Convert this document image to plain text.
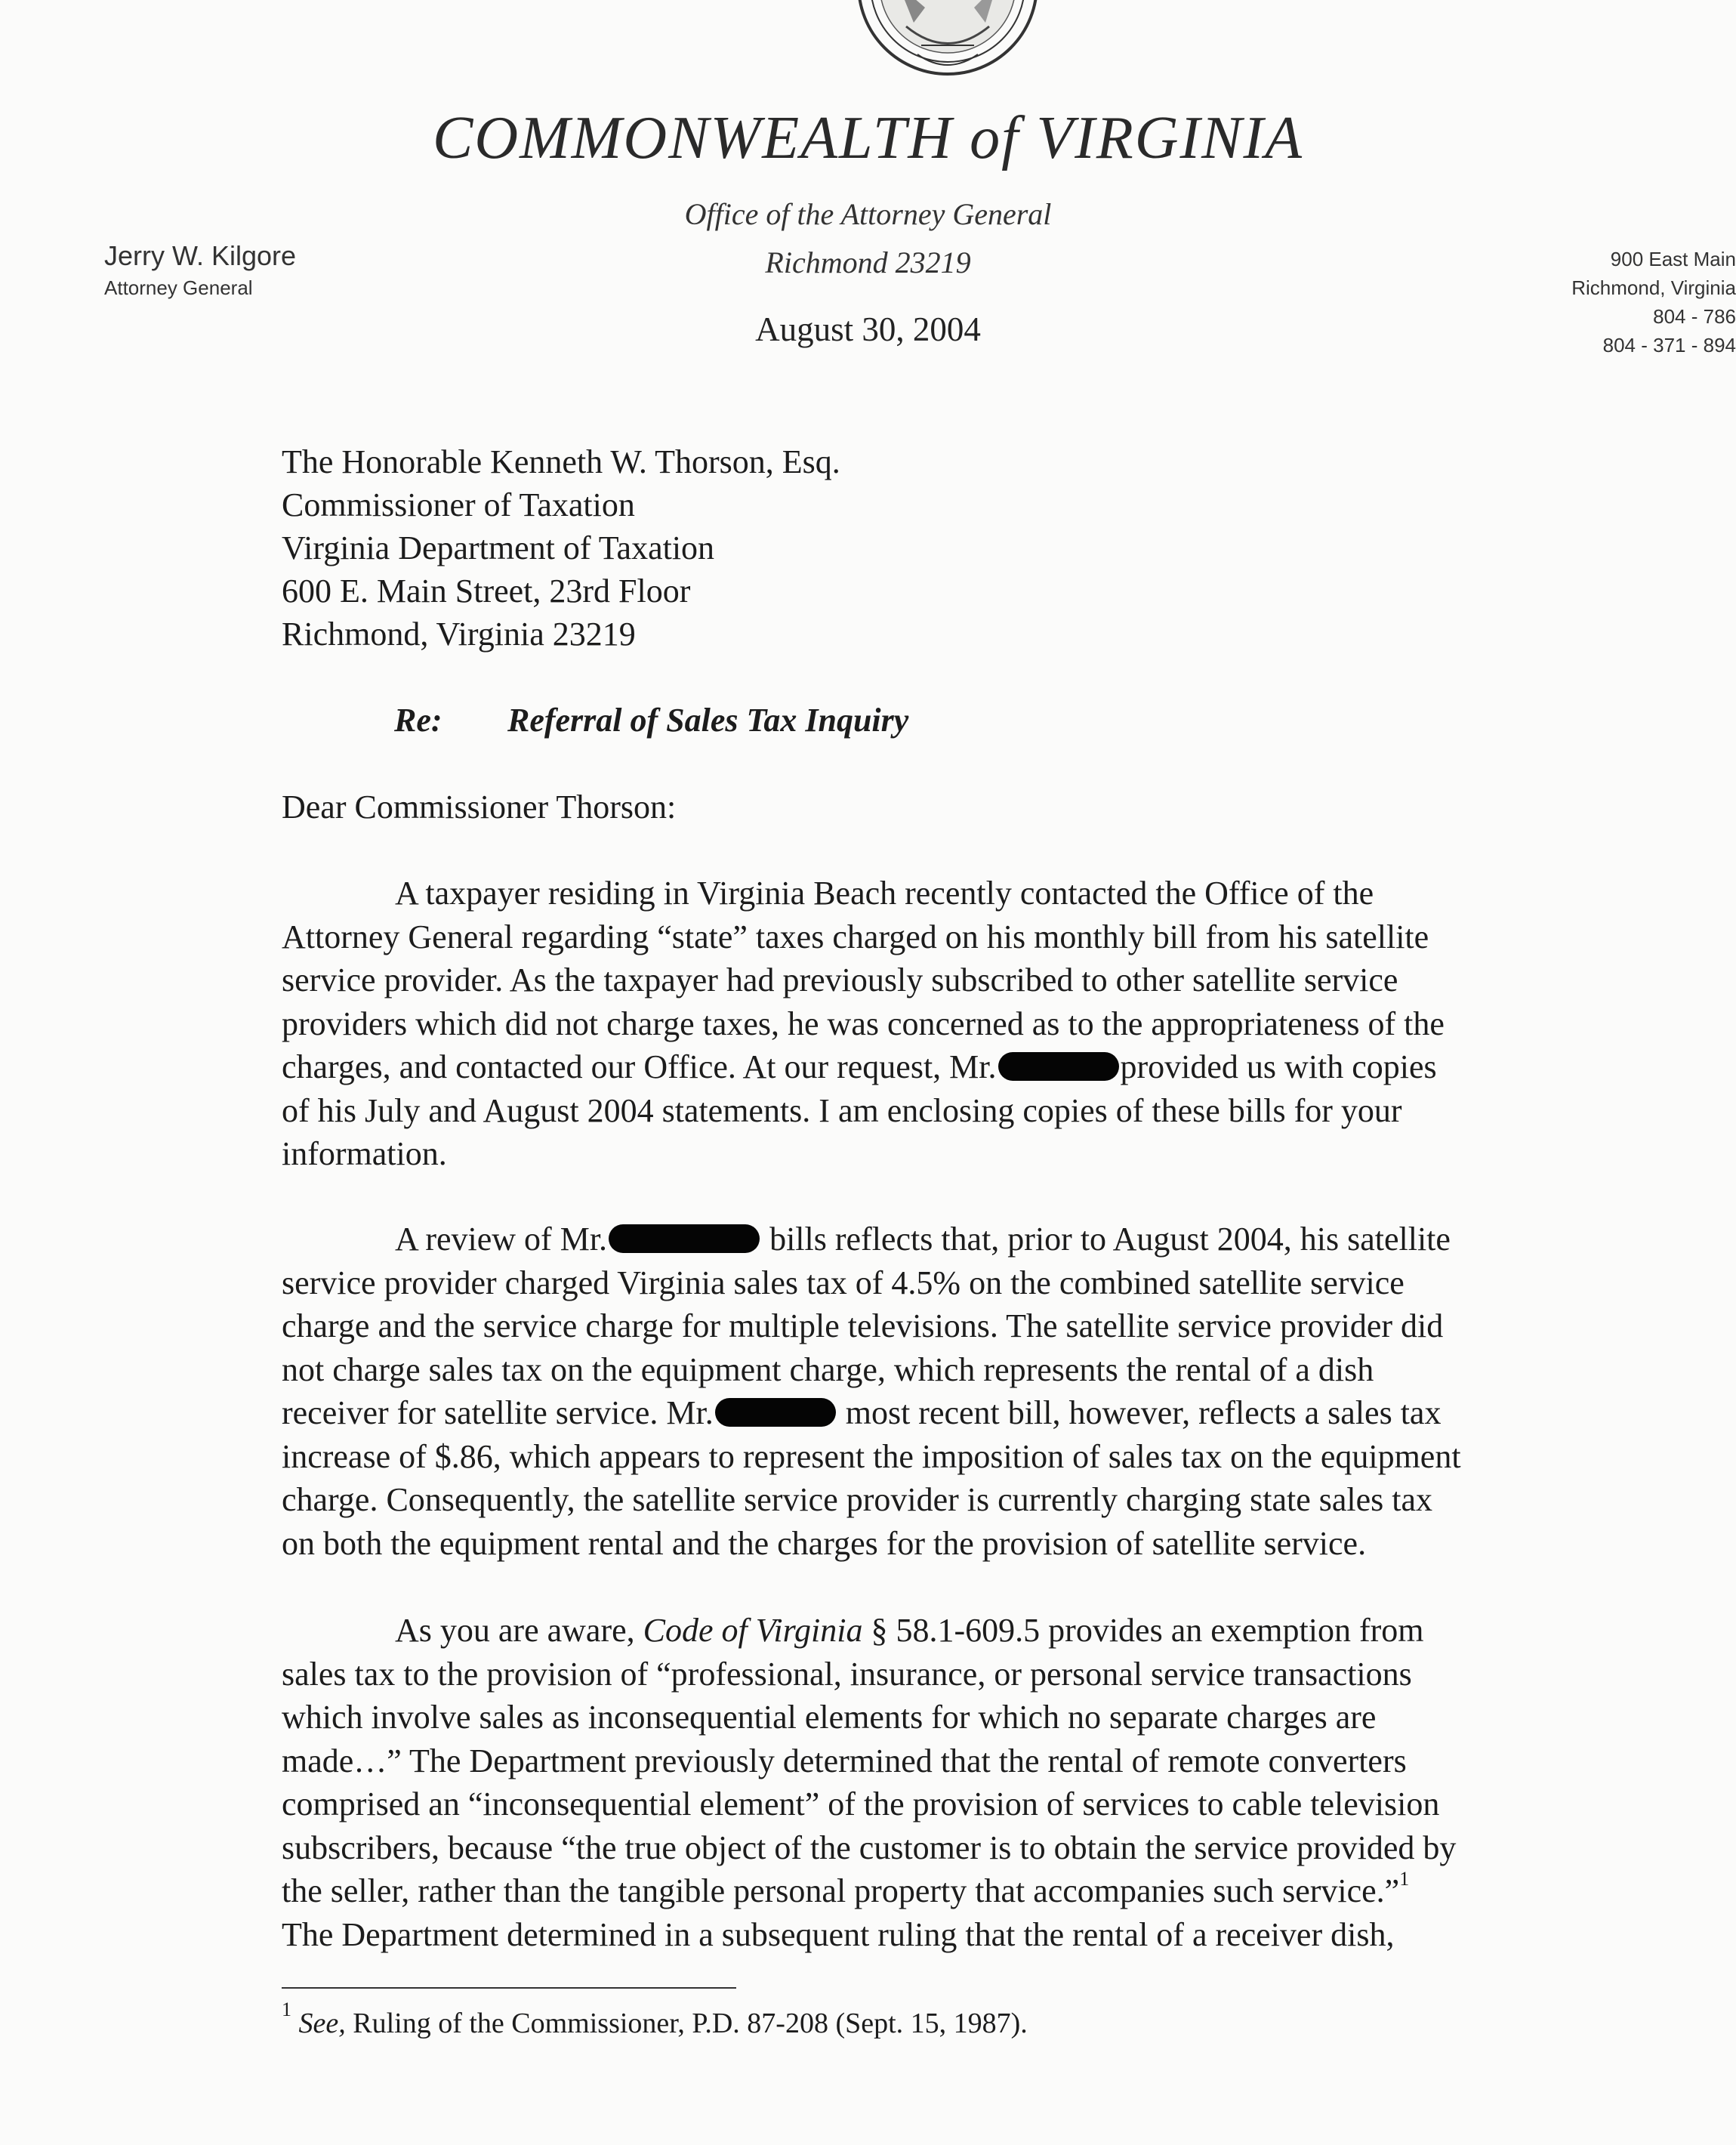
COMMONWEALTH of VIRGINIA
Office of the Attorney General
Richmond 23219
August 30, 2004
Jerry W. Kilgore
Attorney General
900 East Main
Richmond, Virginia
804 - 786
804 - 371 - 894
The Honorable Kenneth W. Thorson, Esq.
Commissioner of Taxation
Virginia Department of Taxation
600 E. Main Street, 23rd Floor
Richmond, Virginia 23219
Re: Referral of Sales Tax Inquiry
Dear Commissioner Thorson:
A taxpayer residing in Virginia Beach recently contacted the Office of the
Attorney General regarding “state” taxes charged on his monthly bill from his satellite
service provider. As the taxpayer had previously subscribed to other satellite service
providers which did not charge taxes, he was concerned as to the appropriateness of the
charges, and contacted our Office. At our request, Mr.	provided us with copies
of his July and August 2004 statements. I am enclosing copies of these bills for your
information.
A review of Mr.	bills reflects that, prior to August 2004, his satellite
service provider charged Virginia sales tax of 4.5% on the combined satellite service
charge and the service charge for multiple televisions. The satellite service provider did
not charge sales tax on the equipment charge, which represents the rental of a dish
receiver for satellite service. Mr.	most recent bill, however, reflects a sales tax
increase of $.86, which appears to represent the imposition of sales tax on the equipment
charge. Consequently, the satellite service provider is currently charging state sales tax
on both the equipment rental and the charges for the provision of satellite service.
As you are aware, Code of Virginia § 58.1-609.5 provides an exemption from
sales tax to the provision of “professional, insurance, or personal service transactions
which involve sales as inconsequential elements for which no separate charges are
made…” The Department previously determined that the rental of remote converters
comprised an “inconsequential element” of the provision of services to cable television
subscribers, because “the true object of the customer is to obtain the service provided by
the seller, rather than the tangible personal property that accompanies such service.”$^1$
The Department determined in a subsequent ruling that the rental of a receiver dish,
$^1$ See, Ruling of the Commissioner, P.D. 87-208 (Sept. 15, 1987).
